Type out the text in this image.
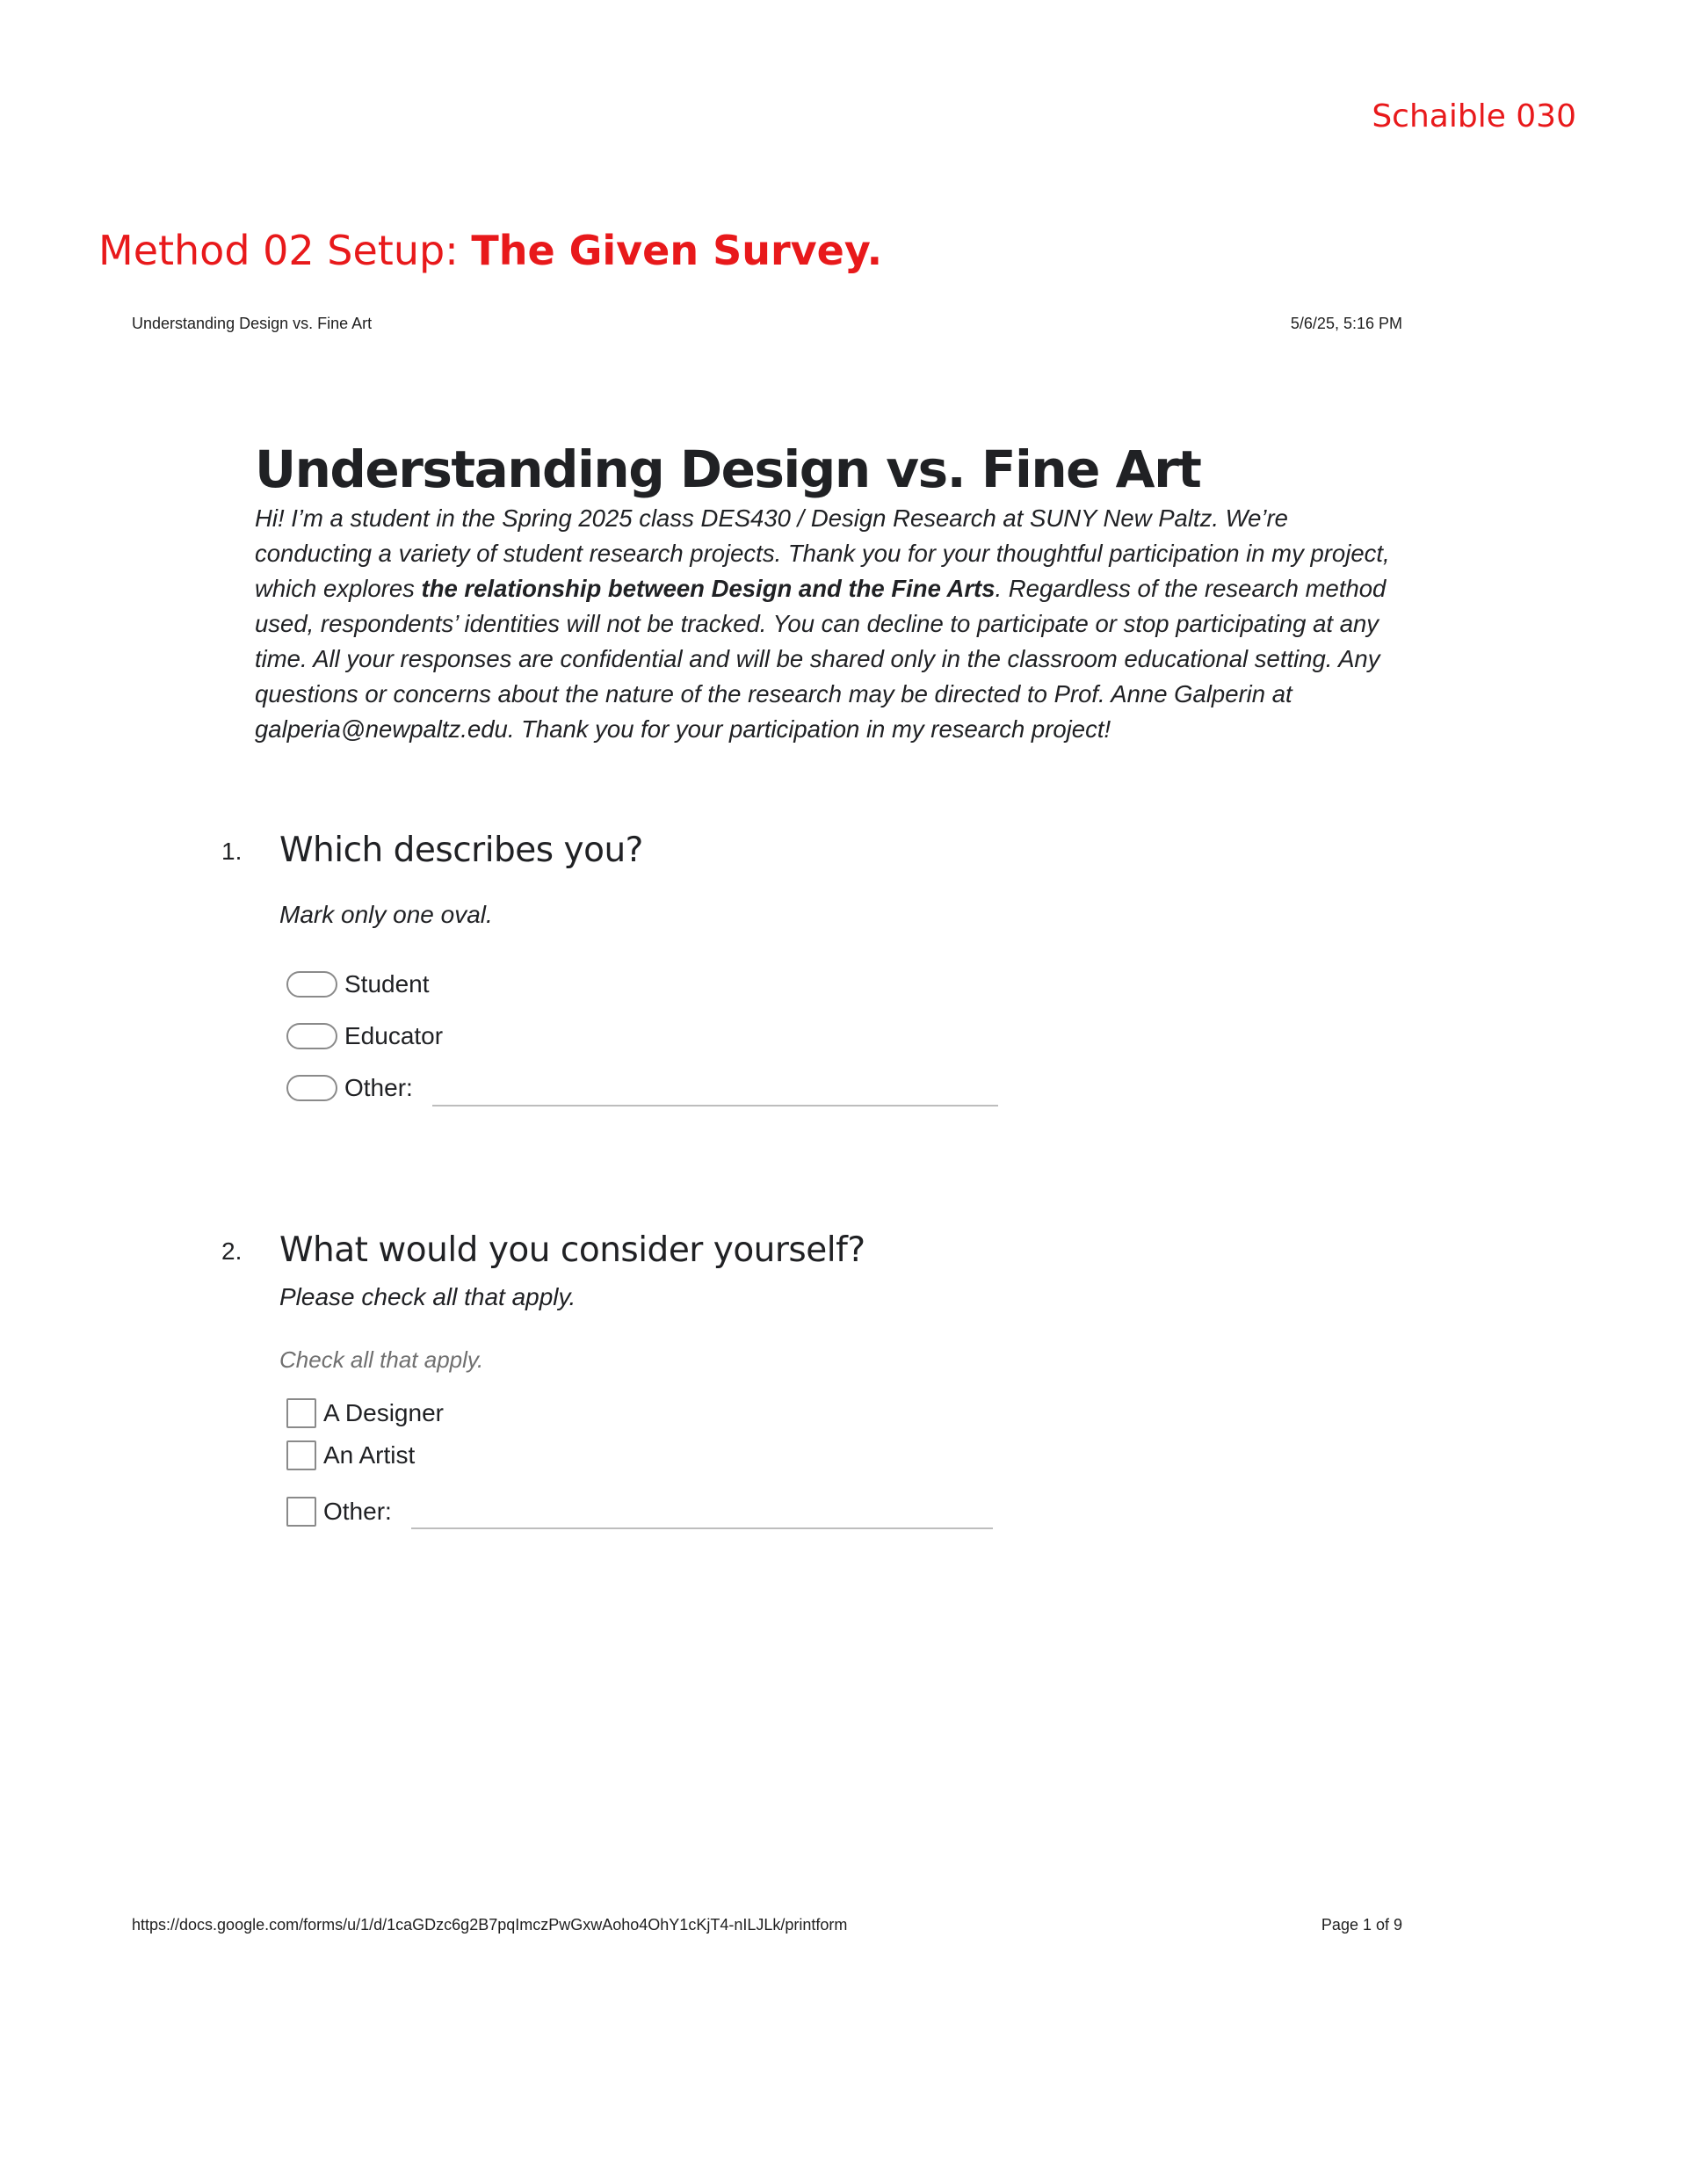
Schaible 030
Method 02 Setup: The Given Survey.
Understanding Design vs. Fine Art	5/6/25, 5:16 PM
Understanding Design vs. Fine Art
Hi! I’m a student in the Spring 2025 class DES430 / Design Research at SUNY New Paltz. We’re conducting a variety of student research projects. Thank you for your thoughtful participation in my project, which explores the relationship between Design and the Fine Arts. Regardless of the research method used, respondents’ identities will not be tracked. You can decline to participate or stop participating at any time. All your responses are confidential and will be shared only in the classroom educational setting. Any questions or concerns about the nature of the research may be directed to Prof. Anne Galperin at galperia@newpaltz.edu. Thank you for your participation in my research project!
1. Which describes you?
Mark only one oval.
Student
Educator
Other:
2. What would you consider yourself?
Please check all that apply.
Check all that apply.
A Designer
An Artist
Other:
https://docs.google.com/forms/u/1/d/1caGDzc6g2B7pqImczPwGxwAoho4OhY1cKjT4-nILJLk/printform	Page 1 of 9
